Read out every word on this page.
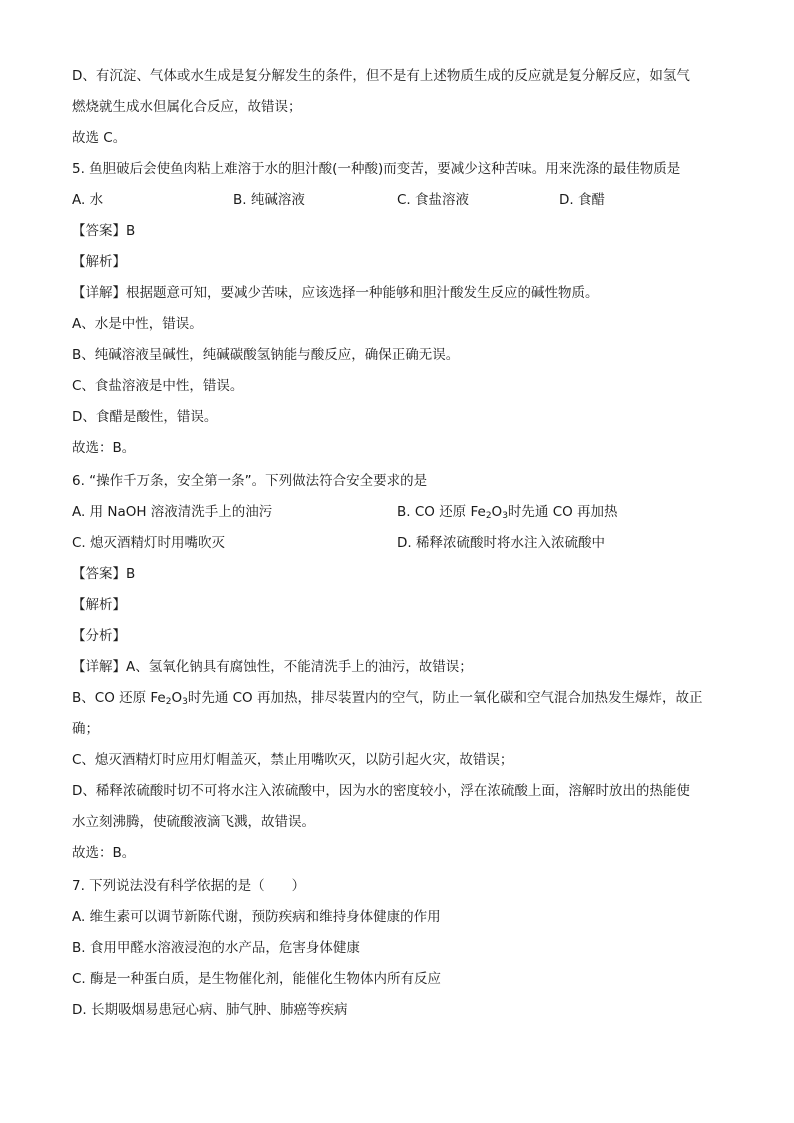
D、有沉淀、气体或水生成是复分解发生的条件，但不是有上述物质生成的反应就是复分解反应，如氢气
燃烧就生成水但属化合反应，故错误；
故选 C。
5. 鱼胆破后会使鱼肉粘上难溶于水的胆汁酸(一种酸)而变苦，要减少这种苦味。用来洗涤的最佳物质是
A. 水	B. 纯碱溶液	C. 食盐溶液	D. 食醋
【答案】B
【解析】
【详解】根据题意可知，要减少苦味，应该选择一种能够和胆汁酸发生反应的碱性物质。
A、水是中性，错误。
B、纯碱溶液呈碱性，纯碱碳酸氢钠能与酸反应，确保正确无误。
C、食盐溶液是中性，错误。
D、食醋是酸性，错误。
故选：B。
6. “操作千万条，安全第一条”。下列做法符合安全要求的是
A. 用 NaOH 溶液清洗手上的油污	B. CO 还原 $Fe_2O_3$时先通 CO 再加热
C. 熄灭酒精灯时用嘴吹灭	D. 稀释浓硫酸时将水注入浓硫酸中
【答案】B
【解析】
【分析】
【详解】A、氢氧化钠具有腐蚀性，不能清洗手上的油污，故错误；
B、CO 还原 $Fe_2O_3$时先通 CO 再加热，排尽装置内的空气，防止一氧化碳和空气混合加热发生爆炸，故正
确；
C、熄灭酒精灯时应用灯帽盖灭，禁止用嘴吹灭，以防引起火灾，故错误；
D、稀释浓硫酸时切不可将水注入浓硫酸中，因为水的密度较小，浮在浓硫酸上面，溶解时放出的热能使
水立刻沸腾，使硫酸液滴飞溅，故错误。
故选：B。
7. 下列说法没有科学依据的是（　　）
A. 维生素可以调节新陈代谢，预防疾病和维持身体健康的作用
B. 食用甲醛水溶液浸泡的水产品，危害身体健康
C. 酶是一种蛋白质，是生物催化剂，能催化生物体内所有反应
D. 长期吸烟易患冠心病、肺气肿、肺癌等疾病
